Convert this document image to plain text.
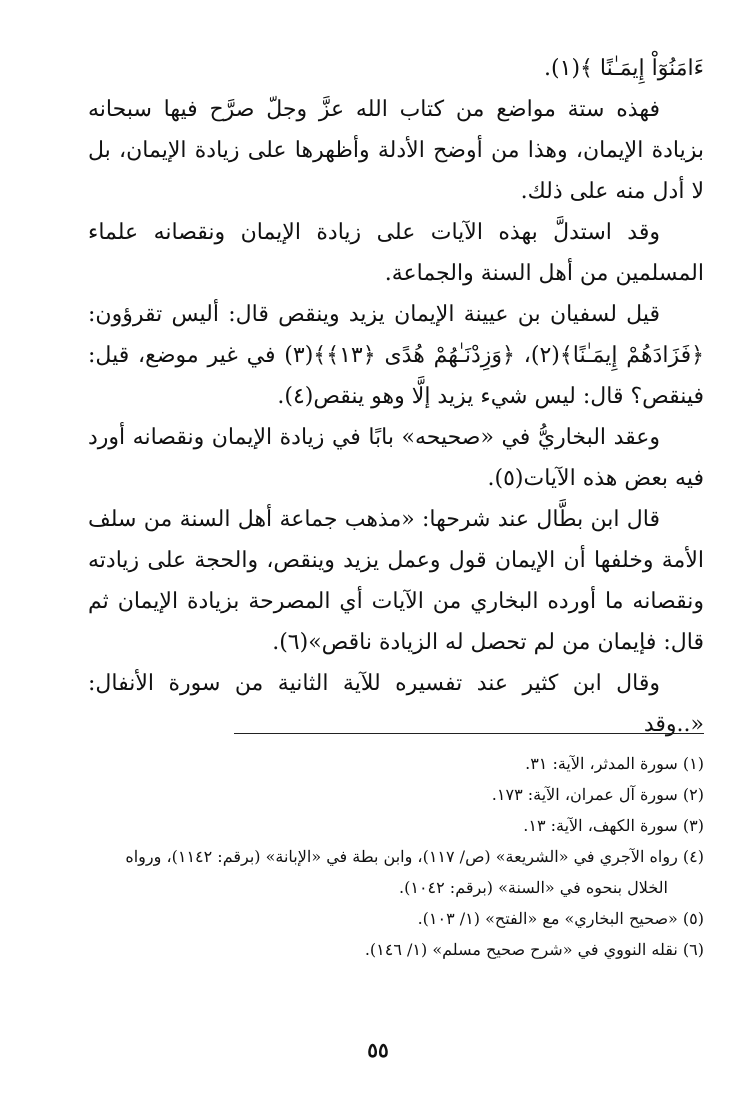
ءَامَنُوٓاْ إِيمَـٰنًا ﴾(١).

فهذه ستة مواضع من كتاب الله عزَّ وجلّ صرَّح فيها سبحانه بزيادة الإيمان، وهذا من أوضح الأدلة وأظهرها على زيادة الإيمان، بل لا أدل منه على ذلك.

وقد استدلَّ بهذه الآيات على زيادة الإيمان ونقصانه علماء المسلمين من أهل السنة والجماعة.

قيل لسفيان بن عيينة الإيمان يزيد وينقص قال: أليس تقرؤون: ﴿فَزَادَهُمْ إِيمَـٰنًا﴾(٢)، ﴿وَزِدْنَـٰهُمْ هُدًى ﴿١٣﴾﴾(٣) في غير موضع، قيل: فينقص؟ قال: ليس شيء يزيد إلَّا وهو ينقص(٤).

وعقد البخاريُّ في «صحيحه» بابًا في زيادة الإيمان ونقصانه أورد فيه بعض هذه الآيات(٥).

قال ابن بطَّال عند شرحها: «مذهب جماعة أهل السنة من سلف الأمة وخلفها أن الإيمان قول وعمل يزيد وينقص، والحجة على زيادته ونقصانه ما أورده البخاري من الآيات أي المصرحة بزيادة الإيمان ثم قال: فإيمان من لم تحصل له الزيادة ناقص»(٦).

وقال ابن كثير عند تفسيره للآية الثانية من سورة الأنفال: «..وقد

(١) سورة المدثر، الآية: ٣١.

(٢) سورة آل عمران، الآية: ١٧٣.

(٣) سورة الكهف، الآية: ١٣.

(٤) رواه الآجري في «الشريعة» (ص/ ١١٧)، وابن بطة في «الإبانة» (برقم: ١١٤٢)، ورواه

الخلال بنحوه في «السنة» (برقم: ١٠٤٢).

(٥) «صحيح البخاري» مع «الفتح» (١/ ١٠٣).

(٦) نقله النووي في «شرح صحيح مسلم» (١/ ١٤٦).

٥٥
